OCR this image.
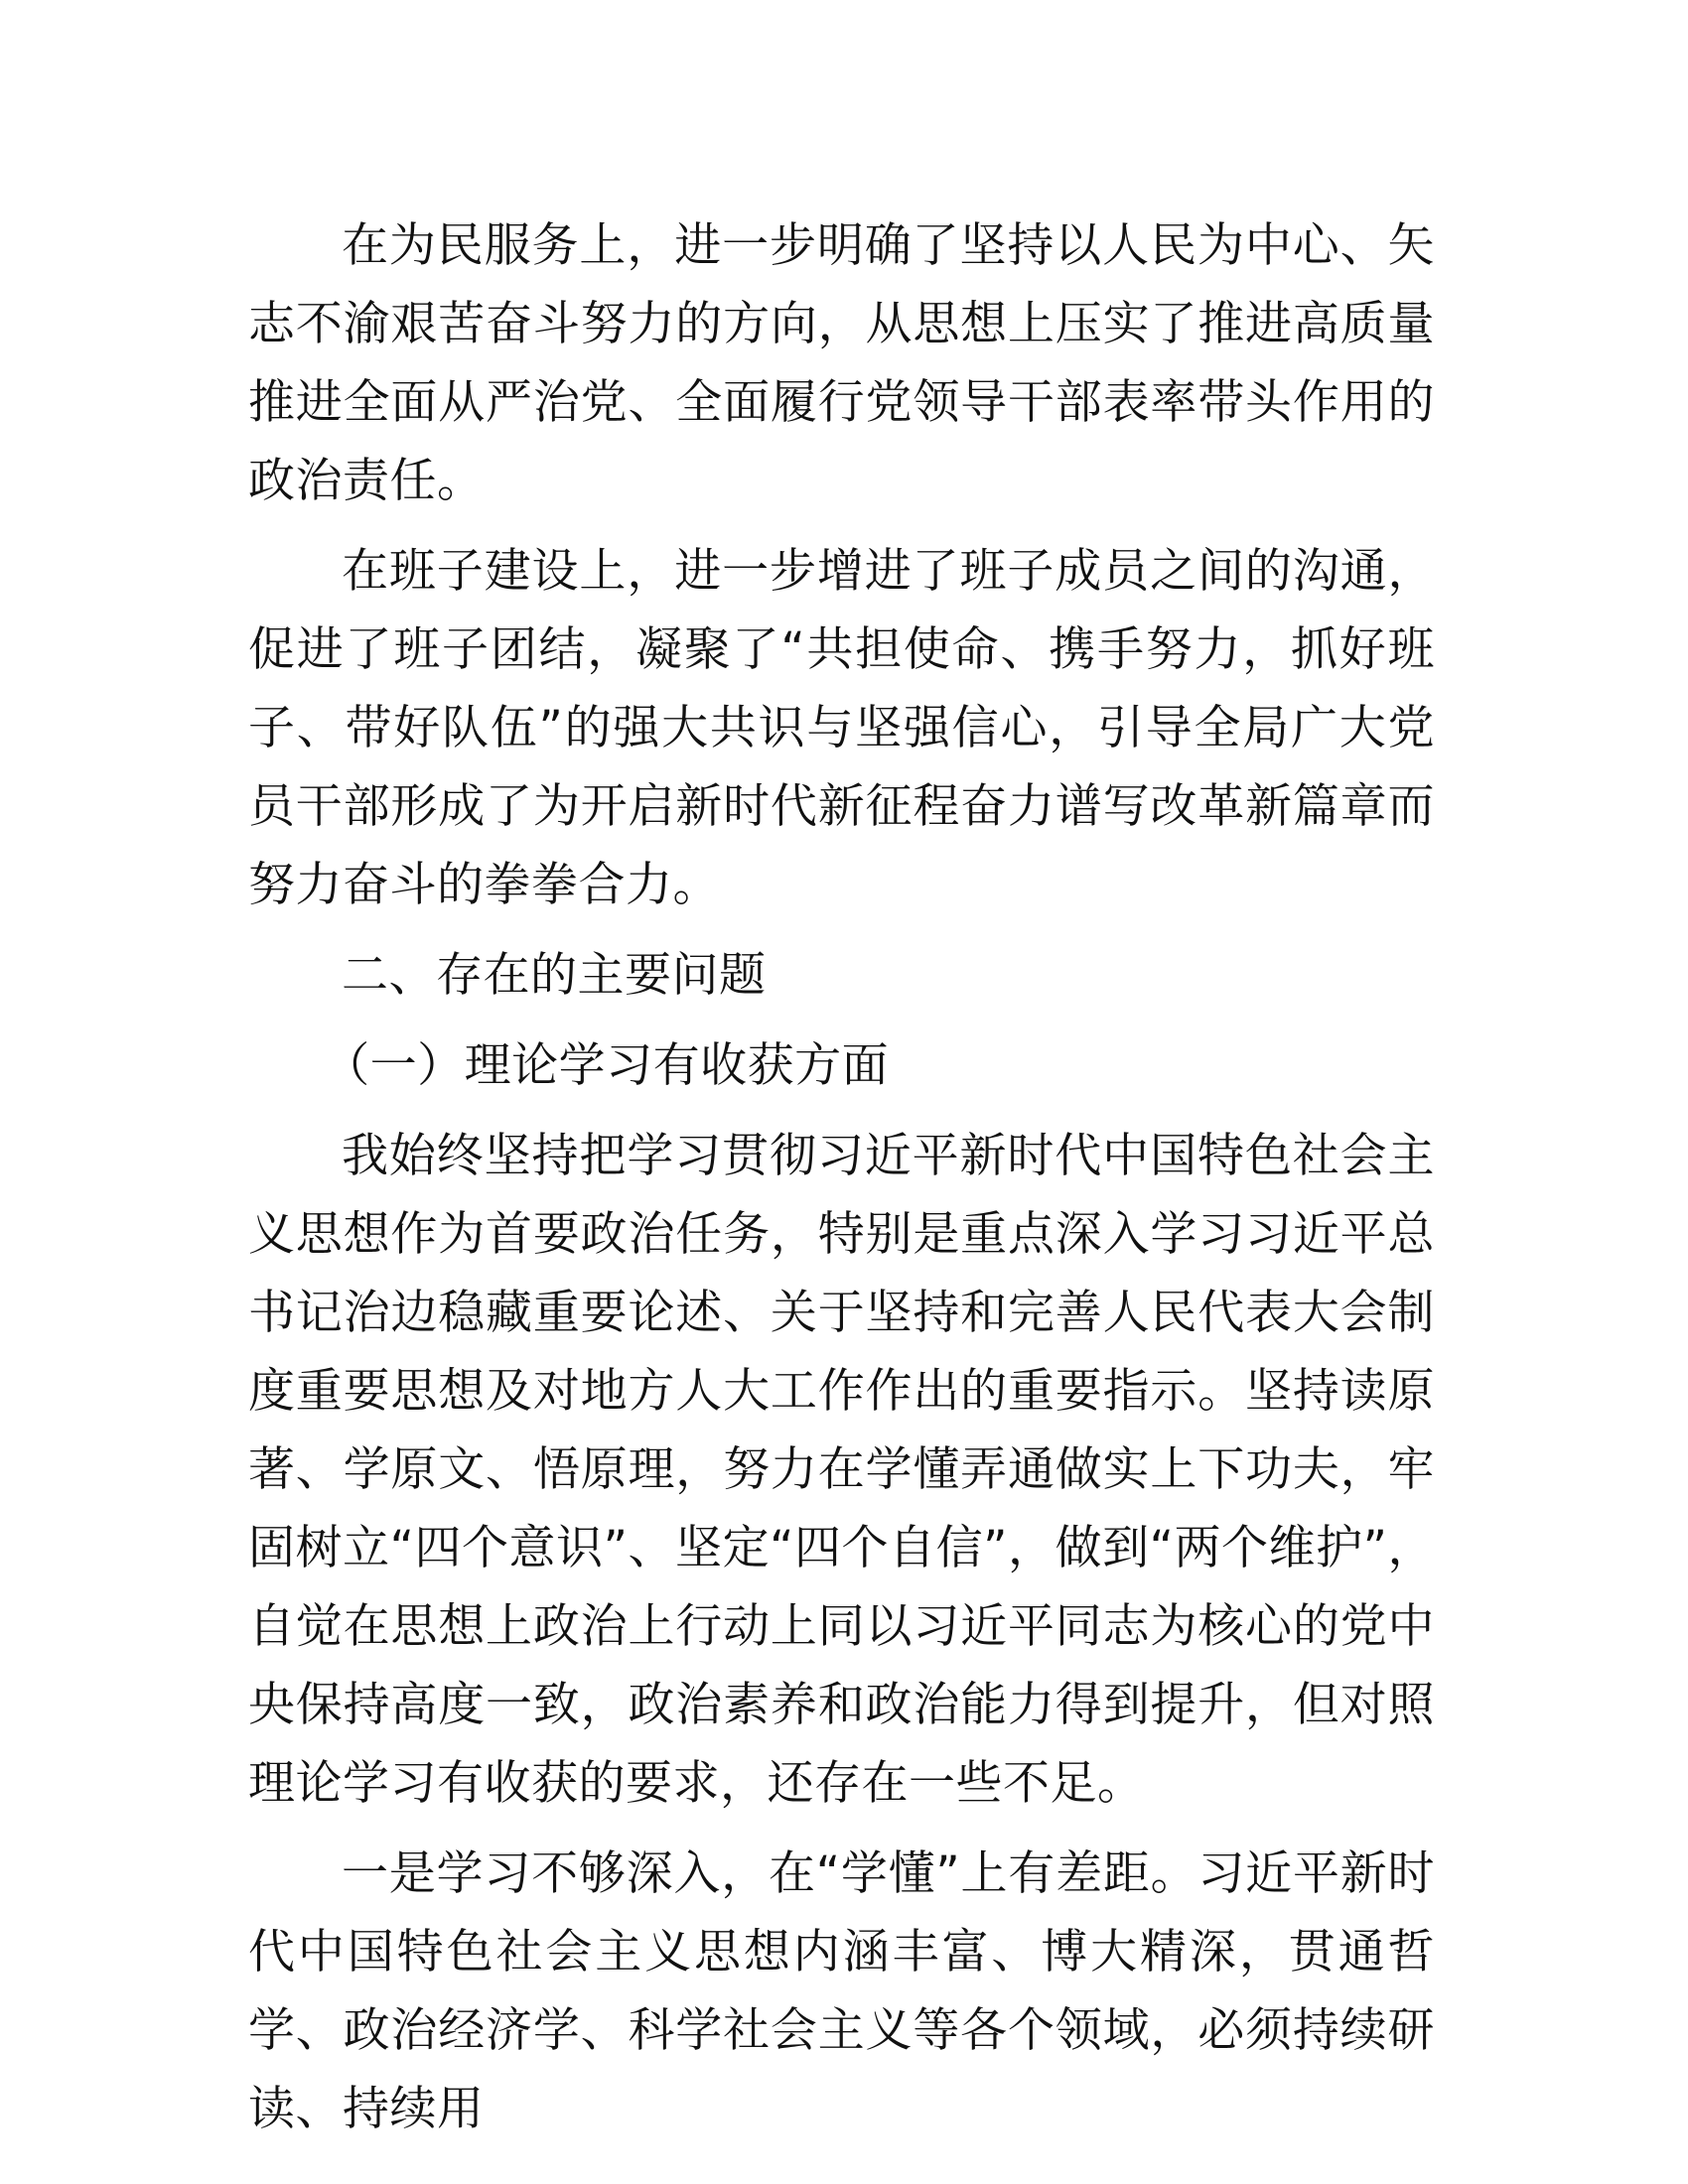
在为民服务上，进一步明确了坚持以人民为中心、矢志不渝艰苦奋斗努力的方向，从思想上压实了推进高质量推进全面从严治党、全面履行党领导干部表率带头作用的政治责任。

在班子建设上，进一步增进了班子成员之间的沟通，促进了班子团结，凝聚了“共担使命、携手努力，抓好班子、带好队伍”的强大共识与坚强信心，引导全局广大党员干部形成了为开启新时代新征程奋力谱写改革新篇章而努力奋斗的拳拳合力。

二、存在的主要问题

（一）理论学习有收获方面

我始终坚持把学习贯彻习近平新时代中国特色社会主义思想作为首要政治任务，特别是重点深入学习习近平总书记治边稳藏重要论述、关于坚持和完善人民代表大会制度重要思想及对地方人大工作作出的重要指示。坚持读原著、学原文、悟原理，努力在学懂弄通做实上下功夫，牢固树立“四个意识”、坚定“四个自信”，做到“两个维护”，自觉在思想上政治上行动上同以习近平同志为核心的党中央保持高度一致，政治素养和政治能力得到提升，但对照理论学习有收获的要求，还存在一些不足。

一是学习不够深入，在“学懂”上有差距。习近平新时代中国特色社会主义思想内涵丰富、博大精深，贯通哲学、政治经济学、科学社会主义等各个领域，必须持续研读、持续用
